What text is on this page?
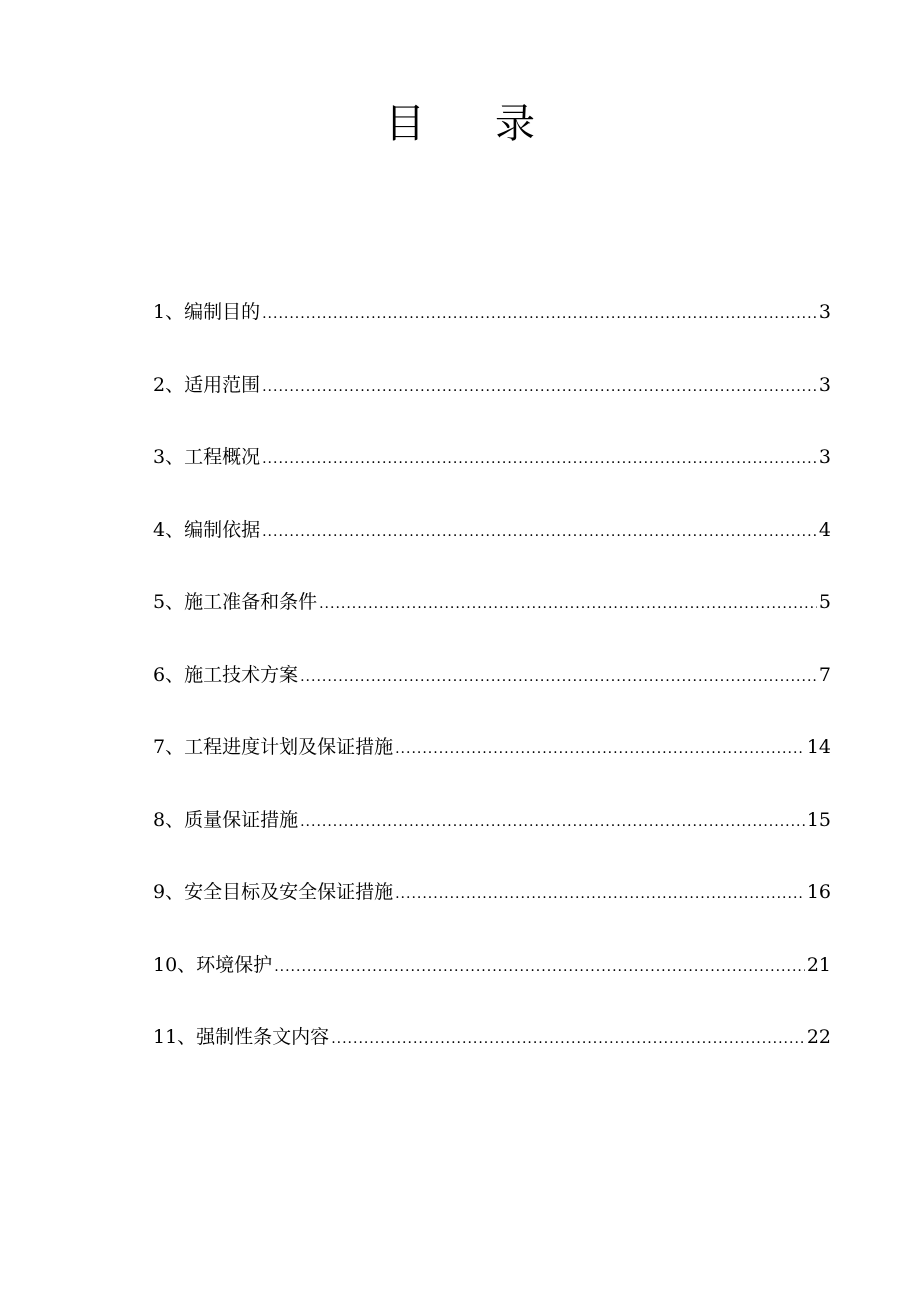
目 录
1、编制目的 .....	3
2、适用范围 .....	3
3、工程概况 .....	3
4、编制依据 .....	4
5、施工准备和条件 .....	5
6、施工技术方案 .....	7
7、工程进度计划及保证措施 .....	14
8、质量保证措施 .....	15
9、安全目标及安全保证措施 .....	16
10、环境保护 .....	21
11、强制性条文内容 .....	22
